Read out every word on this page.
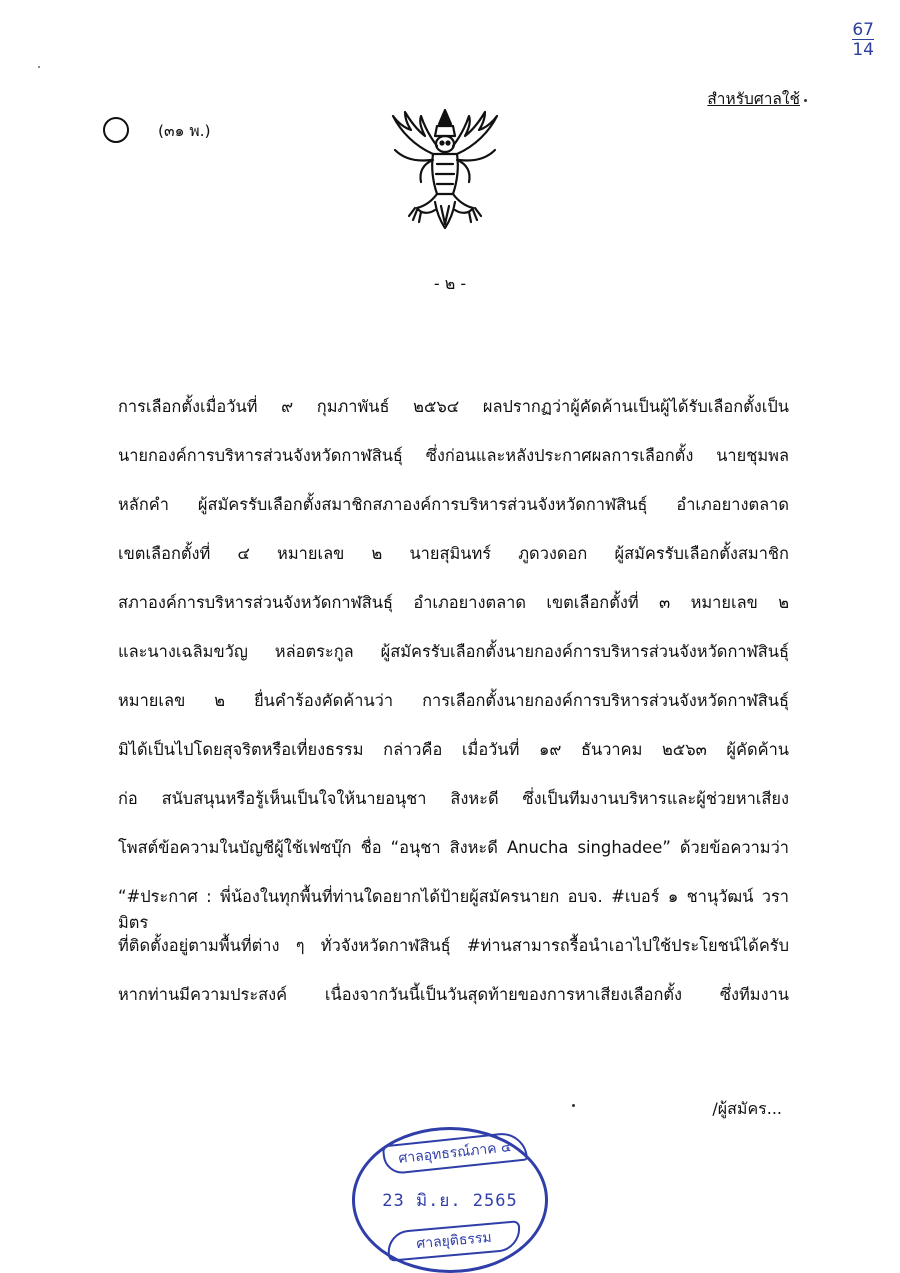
67
14
สำหรับศาลใช้
(๓๑ พ.)
- ๒ -
การเลือกตั้งเมื่อวันที่ ๙ กุมภาพันธ์ ๒๕๖๔ ผลปรากฏว่าผู้คัดค้านเป็นผู้ได้รับเลือกตั้งเป็น
นายกองค์การบริหารส่วนจังหวัดกาฬสินธุ์ ซึ่งก่อนและหลังประกาศผลการเลือกตั้ง นายชุมพล
หลักคำ ผู้สมัครรับเลือกตั้งสมาชิกสภาองค์การบริหารส่วนจังหวัดกาฬสินธุ์ อำเภอยางตลาด
เขตเลือกตั้งที่ ๔ หมายเลข ๒ นายสุมินทร์ ภูดวงดอก ผู้สมัครรับเลือกตั้งสมาชิก
สภาองค์การบริหารส่วนจังหวัดกาฬสินธุ์ อำเภอยางตลาด เขตเลือกตั้งที่ ๓ หมายเลข ๒
และนางเฉลิมขวัญ หล่อตระกูล ผู้สมัครรับเลือกตั้งนายกองค์การบริหารส่วนจังหวัดกาฬสินธุ์
หมายเลข ๒ ยื่นคำร้องคัดค้านว่า การเลือกตั้งนายกองค์การบริหารส่วนจังหวัดกาฬสินธุ์
มิได้เป็นไปโดยสุจริตหรือเที่ยงธรรม กล่าวคือ เมื่อวันที่ ๑๙ ธันวาคม ๒๕๖๓ ผู้คัดค้าน
ก่อ สนับสนุนหรือรู้เห็นเป็นใจให้นายอนุชา สิงหะดี ซึ่งเป็นทีมงานบริหารและผู้ช่วยหาเสียง
โพสต์ข้อความในบัญชีผู้ใช้เฟซบุ๊ก ชื่อ “อนุชา สิงหะดี Anucha singhadee” ด้วยข้อความว่า
“#ประกาศ : พี่น้องในทุกพื้นที่ท่านใดอยากได้ป้ายผู้สมัครนายก อบจ. #เบอร์ ๑ ชานุวัฒน์ วรามิตร
ที่ติดตั้งอยู่ตามพื้นที่ต่าง ๆ ทั่วจังหวัดกาฬสินธุ์ #ท่านสามารถรื้อนำเอาไปใช้ประโยชน์ได้ครับ
หากท่านมีความประสงค์ เนื่องจากวันนี้เป็นวันสุดท้ายของการหาเสียงเลือกตั้ง ซึ่งทีมงาน
/ผู้สมัคร...
ศาลอุทธรณ์ภาค ๔
23 มิ.ย. 2565
ศาลยุติธรรม
